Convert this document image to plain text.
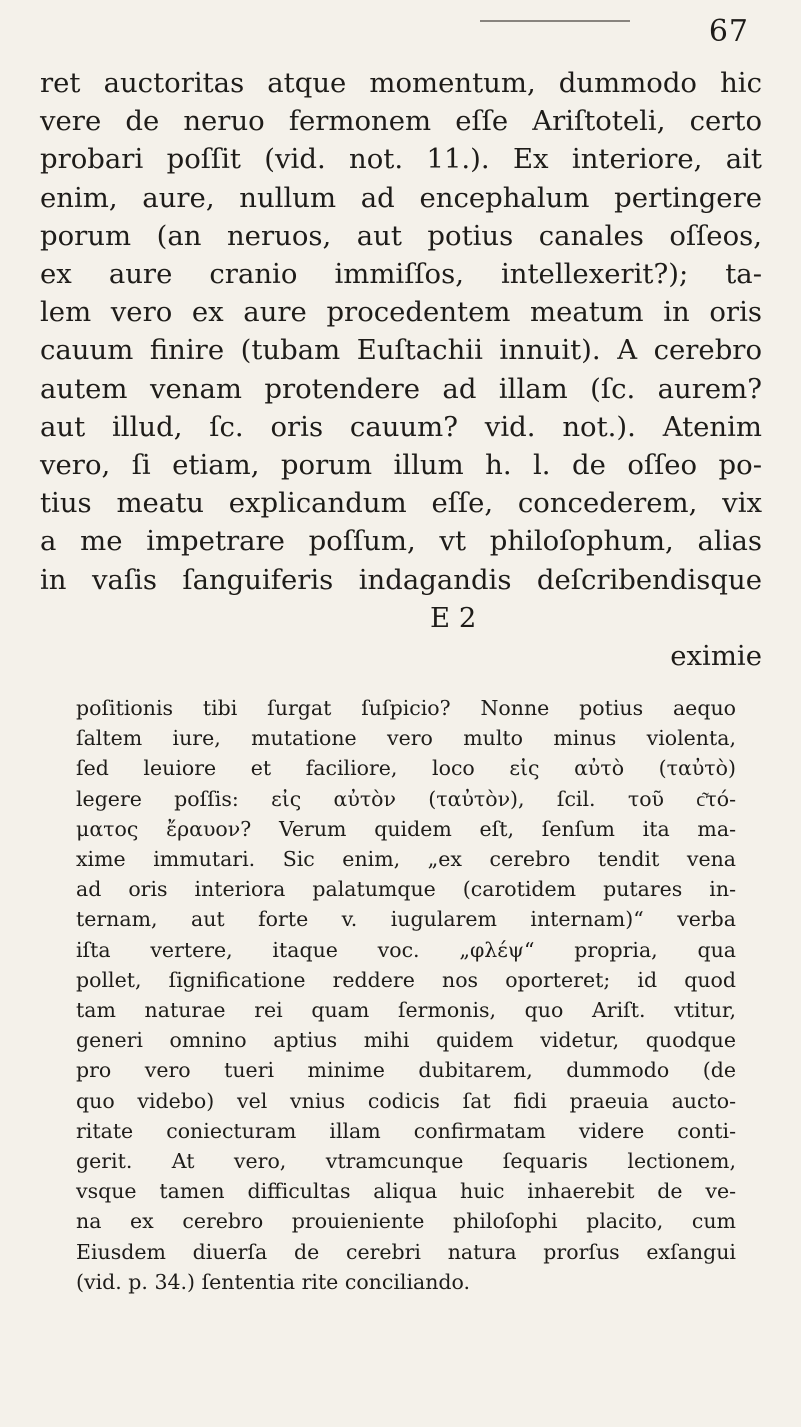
67
ret auctoritas atque momentum, dummodo hic
vere de neruo fermonem eſſe Ariſtoteli, certo
probari poſſit (vid. not. 11.). Ex interiore, ait
enim, aure, nullum ad encephalum pertingere
porum (an neruos, aut potius canales oſſeos,
ex aure cranio immiſſos, intellexerit?); ta-
lem vero ex aure procedentem meatum in oris
cauum finire (tubam Euſtachii innuit). A cerebro
autem venam protendere ad illam (ſc. aurem?
aut illud, ſc. oris cauum? vid. not.). Atenim
vero, ſi etiam, porum illum h. l. de oſſeo po-
tius meatu explicandum eſſe, concederem, vix
a me impetrare poſſum, vt philoſophum, alias
in vaſis ſanguiferis indagandis deſcribendisque
E 2
eximie
poſitionis tibi ſurgat ſuſpicio? Nonne potius aequo
ſaltem iure, mutatione vero multo minus violenta,
ſed leuiore et faciliore, loco εἰς αὐτὸ (ταὐτὸ)
legere poſſis: εἰς αὐτὸν (ταὐτὸν), ſcil. τοῦ ϲ͂τό-
ματος ἔραυον? Verum quidem eſt, ſenſum ita ma-
xime immutari. Sic enim, „ex cerebro tendit vena
ad oris interiora palatumque (carotidem putares in-
ternam, aut forte v. iugularem internam)“ verba
iſta vertere, itaque voc. „φλέψ“ propria, qua
pollet, ſignificatione reddere nos oporteret; id quod
tam naturae rei quam ſermonis, quo Ariſt. vtitur,
generi omnino aptius mihi quidem videtur, quodque
pro vero tueri minime dubitarem, dummodo (de
quo videbo) vel vnius codicis ſat fidi praeuia aucto-
ritate coniecturam illam confirmatam videre conti-
gerit. At vero, vtramcunque ſequaris lectionem,
vsque tamen difficultas aliqua huic inhaerebit de ve-
na ex cerebro prouieniente philoſophi placito, cum
Eiusdem diuerſa de cerebri natura prorſus exſangui
(vid. p. 34.) ſententia rite conciliando.
